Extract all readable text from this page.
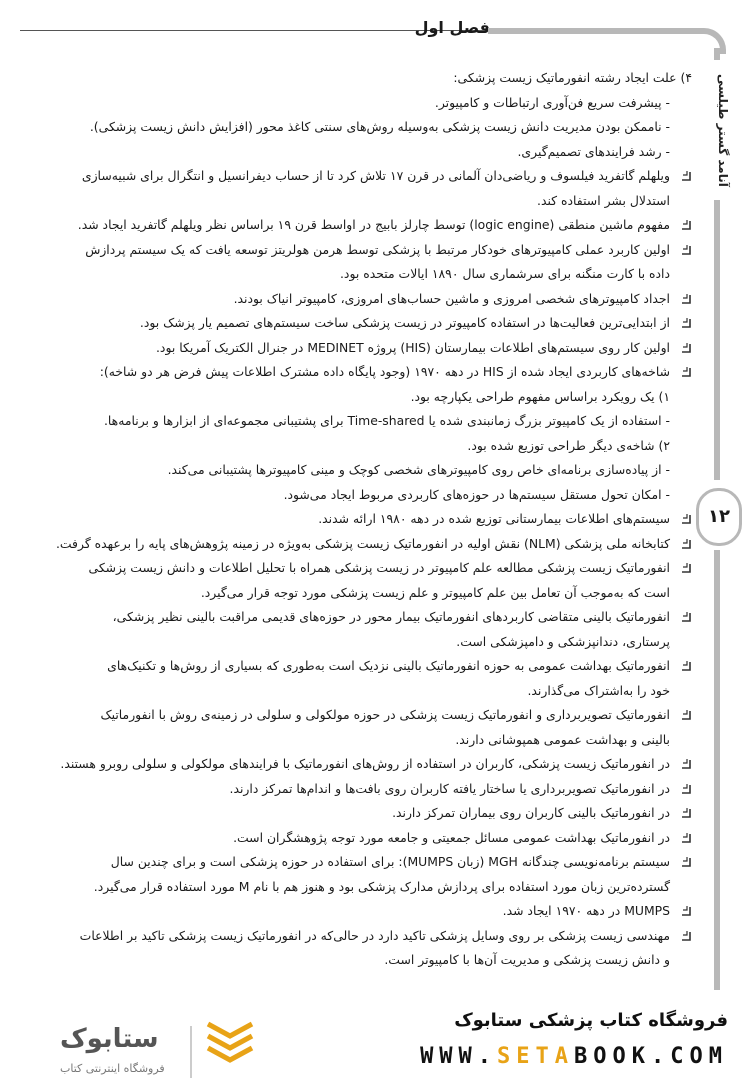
فصل اول
آنامد گستر طیلسی
۱۲
۴) علت ایجاد رشته انفورماتیک زیست پزشکی:
- پیشرفت سریع فن‌آوری ارتباطات و کامپیوتر.
- ناممکن بودن مدیریت دانش زیست پزشکی به‌وسیله روش‌های سنتی کاغذ محور (افزایش دانش زیست پزشکی).
- رشد فرایندهای تصمیم‌گیری.
ویلهلم گاتفرید فیلسوف و ریاضی‌دان آلمانی در قرن ۱۷ تلاش کرد تا از حساب دیفرانسیل و انتگرال برای شبیه‌سازی
استدلال بشر استفاده کند.
مفهوم ماشین منطقی (logic engine) توسط چارلز بابیج در اواسط قرن ۱۹ براساس نظر ویلهلم گاتفرید ایجاد شد.
اولین کاربرد عملی کامپیوترهای خودکار مرتبط با پزشکی توسط هرمن هولریتز توسعه یافت که یک سیستم پردازش
داده با کارت منگنه برای سرشماری سال ۱۸۹۰ ایالات متحده بود.
اجداد کامپیوترهای شخصی امروزی و ماشین حساب‌های امروزی، کامپیوتر انیاک بودند.
از ابتدایی‌ترین فعالیت‌ها در استفاده کامپیوتر در زیست پزشکی ساخت سیستم‌های تصمیم یار پزشک بود.
اولین کار روی سیستم‌های اطلاعات بیمارستان (HIS) پروژه MEDINET در جنرال الکتریک آمریکا بود.
شاخه‌های کاربردی ایجاد شده از HIS در دهه ۱۹۷۰ (وجود پایگاه داده مشترک اطلاعات پیش فرض هر دو شاخه):
۱) یک رویکرد براساس مفهوم طراحی یکپارچه بود.
- استفاده از یک کامپیوتر بزرگ زمانبندی شده یا Time-shared برای پشتیبانی مجموعه‌ای از ابزارها و برنامه‌ها.
۲) شاخه‌ی دیگر طراحی توزیع شده بود.
- از پیاده‌سازی برنامه‌ای خاص روی کامپیوترهای شخصی کوچک و مینی کامپیوترها پشتیبانی می‌کند.
- امکان تحول مستقل سیستم‌ها در حوزه‌های کاربردی مربوط ایجاد می‌شود.
سیستم‌های اطلاعات بیمارستانی توزیع شده در دهه ۱۹۸۰ ارائه شدند.
کتابخانه ملی پزشکی (NLM) نقش اولیه در انفورماتیک زیست پزشکی به‌ویژه در زمینه پژوهش‌های پایه را برعهده گرفت.
انفورماتیک زیست پزشکی مطالعه علم کامپیوتر در زیست پزشکی همراه با تحلیل اطلاعات و دانش زیست پزشکی
است که به‌موجب آن تعامل بین علم کامپیوتر و علم زیست پزشکی مورد توجه قرار می‌گیرد.
انفورماتیک بالینی متقاضی کاربردهای انفورماتیک بیمار محور در حوزه‌های قدیمی مراقبت بالینی نظیر پزشکی،
پرستاری، دندانپزشکی و دامپزشکی است.
انفورماتیک بهداشت عمومی به حوزه انفورماتیک بالینی نزدیک است به‌طوری که بسیاری از روش‌ها و تکنیک‌های
خود را به‌اشتراک می‌گذارند.
انفورماتیک تصویربرداری و انفورماتیک زیست پزشکی در حوزه مولکولی و سلولی در زمینه‌ی روش با انفورماتیک
بالینی و بهداشت عمومی همپوشانی دارند.
در انفورماتیک زیست پزشکی، کاربران در استفاده از روش‌های انفورماتیک با فرایندهای مولکولی و سلولی روبرو هستند.
در انفورماتیک تصویربرداری یا ساختار یافته کاربران روی بافت‌ها و اندام‌ها تمرکز دارند.
در انفورماتیک بالینی کاربران روی بیماران تمرکز دارند.
در انفورماتیک بهداشت عمومی مسائل جمعیتی و جامعه مورد توجه پژوهشگران است.
سیستم برنامه‌نویسی چندگانه MGH (زبان MUMPS): برای استفاده در حوزه پزشکی است و برای چندین سال
گسترده‌ترین زبان مورد استفاده برای پردازش مدارک پزشکی بود و هنوز هم با نام M مورد استفاده قرار می‌گیرد.
MUMPS در دهه ۱۹۷۰ ایجاد شد.
مهندسی زیست پزشکی بر روی وسایل پزشکی تاکید دارد در حالی‌که در انفورماتیک زیست پزشکی تاکید بر اطلاعات
و دانش زیست پزشکی و مدیریت آن‌ها با کامپیوتر است.
فروشگاه کتاب پزشکی ستابوک
WWW.SETABOOK.COM
ستابوک
فروشگاه اینترنتی کتاب
